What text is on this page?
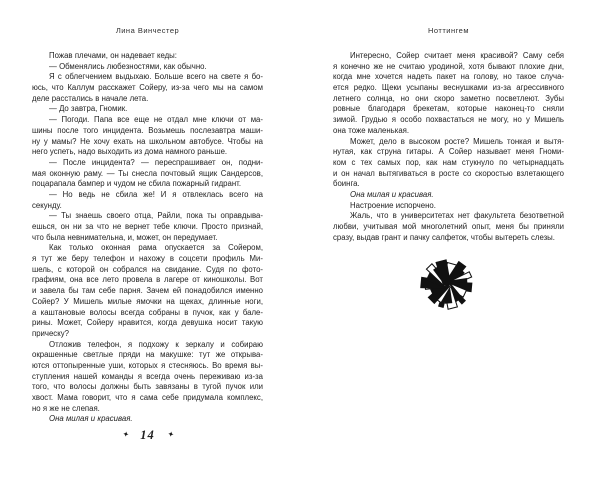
Лина Винчестер
Пожав плечами, он надевает кеды:
— Обменялись любезностями, как обычно.
Я с облегчением выдыхаю. Больше всего на свете я бо-
юсь, что Каллум расскажет Сойеру, из-за чего мы на самом
деле расстались в начале лета.
— До завтра, Гномик.
— Погоди. Папа все еще не отдал мне ключи от ма-
шины после того инцидента. Возьмешь послезавтра маши-
ну у мамы? Не хочу ехать на школьном автобусе. Чтобы на
него успеть, надо выходить из дома намного раньше.
— После инцидента? — переспрашивает он, подни-
мая оконную раму. — Ты снесла почтовый ящик Сандерсов,
поцарапала бампер и чудом не сбила пожарный гидрант.
— Но ведь не сбила же! И я отвлеклась всего на
секунду.
— Ты знаешь своего отца, Райли, пока ты оправдыва-
ешься, он ни за что не вернет тебе ключи. Просто признай,
что была невнимательна, и, может, он передумает.
Как только оконная рама опускается за Сойером,
я тут же беру телефон и нахожу в соцсети профиль Ми-
шель, с которой он собрался на свидание. Судя по фото-
графиям, она все лето провела в лагере от киношколы. Вот
и завела бы там себе парня. Зачем ей понадобился именно
Сойер? У Мишель милые ямочки на щеках, длинные ноги,
а каштановые волосы всегда собраны в пучок, как у бале-
рины. Может, Сойеру нравится, когда девушка носит такую
прическу?
Отложив телефон, я подхожу к зеркалу и собираю
окрашенные светлые пряди на макушке: тут же открыва-
ются оттопыренные уши, которых я стесняюсь. Во время вы-
ступления нашей команды я всегда очень переживаю из-за
того, что волосы должны быть завязаны в тугой пучок или
хвост. Мама говорит, что я сама себе придумала комплекс,
но я же не слепая.
Она милая и красивая.
✦ 14 ✦
Ноттингем
Интересно, Сойер считает меня красивой? Саму себя
я конечно же не считаю уродиной, хотя бывают плохие дни,
когда мне хочется надеть пакет на голову, но такое случа-
ется редко. Щеки усыпаны веснушками из-за агрессивного
летнего солнца, но они скоро заметно посветлеют. Зубы
ровные благодаря брекетам, которые наконец-то сняли
зимой. Грудью я особо похвастаться не могу, но у Мишель
она тоже маленькая.
Может, дело в высоком росте? Мишель тонкая и вытя-
нутая, как струна гитары. А Сойер называет меня Гноми-
ком с тех самых пор, как нам стукнуло по четырнадцать
и он начал вытягиваться в росте со скоростью взлетающего
боинга.
Она милая и красивая.
Настроение испорчено.
Жаль, что в университетах нет факультета безответной
любви, учитывая мой многолетний опыт, меня бы приняли
сразу, выдав грант и пачку салфеток, чтобы вытереть слезы.
